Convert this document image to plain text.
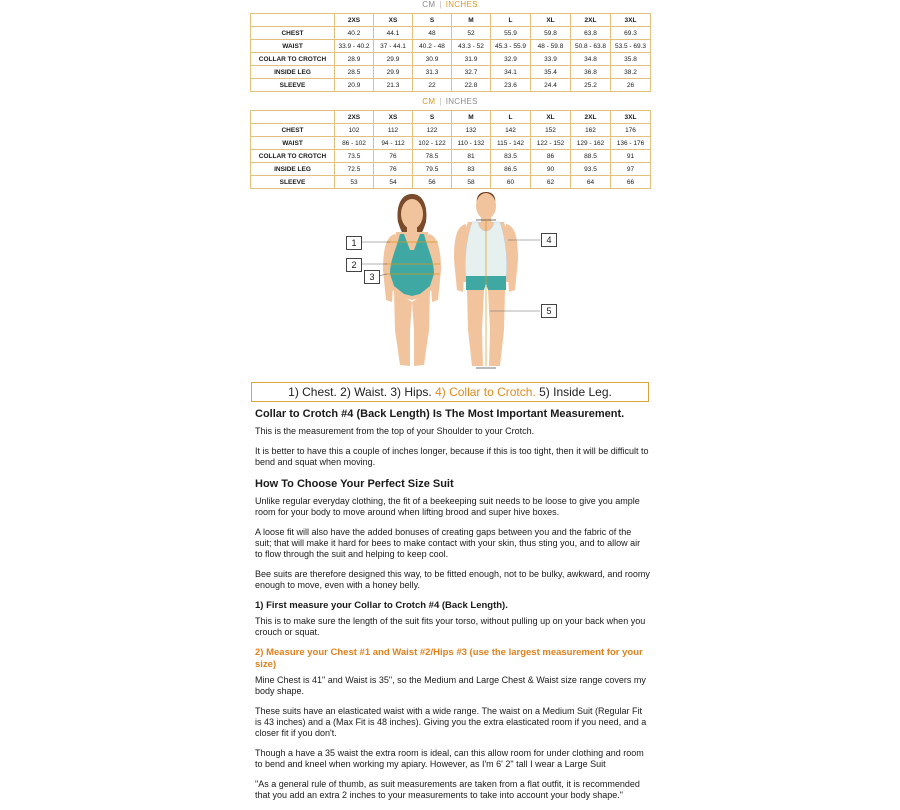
CM | INCHES
	2XS	XS	S	M	L	XL	2XL	3XL
CHEST	40.2	44.1	48	52	55.9	59.8	63.8	69.3
WAIST	33.9 - 40.2	37 - 44.1	40.2 - 48	43.3 - 52	45.3 - 55.9	48 - 59.8	50.8 - 63.8	53.5 - 69.3
COLLAR TO CROTCH	28.9	29.9	30.9	31.9	32.9	33.9	34.8	35.8
INSIDE LEG	28.5	29.9	31.3	32.7	34.1	35.4	36.8	38.2
SLEEVE	20.9	21.3	22	22.8	23.6	24.4	25.2	26
CM | INCHES
	2XS	XS	S	M	L	XL	2XL	3XL
CHEST	102	112	122	132	142	152	162	176
WAIST	86 - 102	94 - 112	102 - 122	110 - 132	115 - 142	122 - 152	129 - 162	136 - 176
COLLAR TO CROTCH	73.5	76	78.5	81	83.5	86	88.5	91
INSIDE LEG	72.5	76	79.5	83	86.5	90	93.5	97
SLEEVE	53	54	56	58	60	62	64	66
1
2
3
4
5
1) Chest. 2) Waist. 3) Hips. 4) Collar to Crotch. 5) Inside Leg.
Collar to Crotch #4 (Back Length) Is The Most Important Measurement.

This is the measurement from the top of your Shoulder to your Crotch.

It is better to have this a couple of inches longer, because if this is too tight, then it will be difficult to bend and squat when moving.

How To Choose Your Perfect Size Suit

Unlike regular everyday clothing, the fit of a beekeeping suit needs to be loose to give you ample room for your body to move around when lifting brood and super hive boxes.

A loose fit will also have the added bonuses of creating gaps between you and the fabric of the suit; that will make it hard for bees to make contact with your skin, thus sting you, and to allow air to flow through the suit and helping to keep cool.

Bee suits are therefore designed this way, to be fitted enough, not to be bulky, awkward, and roomy enough to move, even with a honey belly.

1) First measure your Collar to Crotch #4 (Back Length).

This is to make sure the length of the suit fits your torso, without pulling up on your back when you crouch or squat.

2) Measure your Chest #1 and Waist #2/Hips #3 (use the largest measurement for your size)

Mine Chest is 41" and Waist is 35", so the Medium and Large Chest & Waist size range covers my body shape.

These suits have an elasticated waist with a wide range. The waist on a Medium Suit (Regular Fit is 43 inches) and a (Max Fit is 48 inches). Giving you the extra elasticated room if you need, and a closer fit if you don't.

Though a have a 35 waist the extra room is ideal, can this allow room for under clothing and room to bend and kneel when working my apiary. However, as I'm 6' 2" tall I wear a Large Suit

"As a general rule of thumb, as suit measurements are taken from a flat outfit, it is recommended that you add an extra 2 inches to your measurements to take into account your body shape."
